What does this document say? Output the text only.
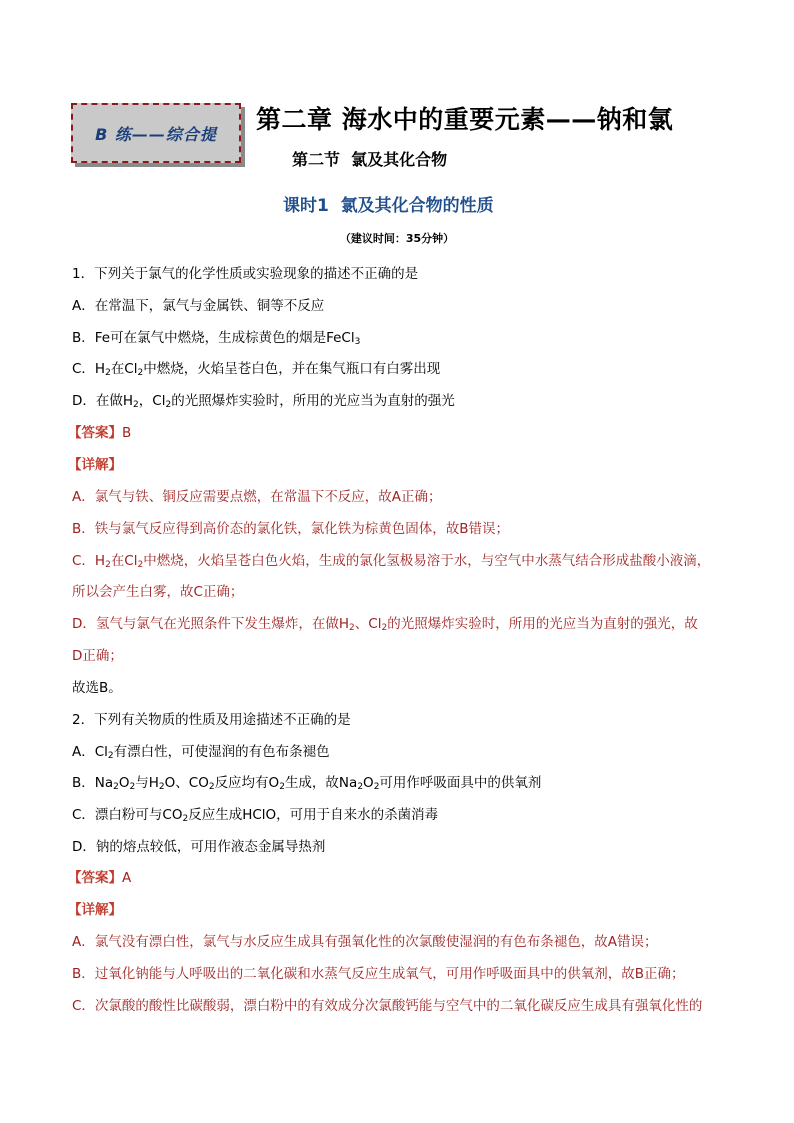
B 练——综合提	第二章 海水中的重要元素——钠和氯
第二节  氯及其化合物
课时1  氯及其化合物的性质
（建议时间：35分钟）
1．下列关于氯气的化学性质或实验现象的描述不正确的是
A．在常温下，氯气与金属铁、铜等不反应
B．Fe可在氯气中燃烧，生成棕黄色的烟是FeCl$_3$
C．$H_2$在$Cl_2$中燃烧，火焰呈苍白色，并在集气瓶口有白雾出现
D．在做$H_2$，$Cl_2$的光照爆炸实验时，所用的光应当为直射的强光
【答案】B
【详解】
A．氯气与铁、铜反应需要点燃，在常温下不反应，故A正确；
B．铁与氯气反应得到高价态的氯化铁，氯化铁为棕黄色固体，故B错误；
C．$H_2$在$Cl_2$中燃烧，火焰呈苍白色火焰，生成的氯化氢极易溶于水，与空气中水蒸气结合形成盐酸小液滴，
所以会产生白雾，故C正确；
D．氢气与氯气在光照条件下发生爆炸，在做$H_2$、$Cl_2$的光照爆炸实验时，所用的光应当为直射的强光，故
D正确；
故选B。
2．下列有关物质的性质及用途描述不正确的是
A．$Cl_2$有漂白性，可使湿润的有色布条褪色
B．$Na_2O_2$与$H_2O$、$CO_2$反应均有$O_2$生成，故$Na_2O_2$可用作呼吸面具中的供氧剂
C．漂白粉可与$CO_2$反应生成HClO，可用于自来水的杀菌消毒
D．钠的熔点较低，可用作液态金属导热剂
【答案】A
【详解】
A．氯气没有漂白性，氯气与水反应生成具有强氧化性的次氯酸使湿润的有色布条褪色，故A错误；
B．过氧化钠能与人呼吸出的二氧化碳和水蒸气反应生成氧气，可用作呼吸面具中的供氧剂，故B正确；
C．次氯酸的酸性比碳酸弱，漂白粉中的有效成分次氯酸钙能与空气中的二氧化碳反应生成具有强氧化性的
